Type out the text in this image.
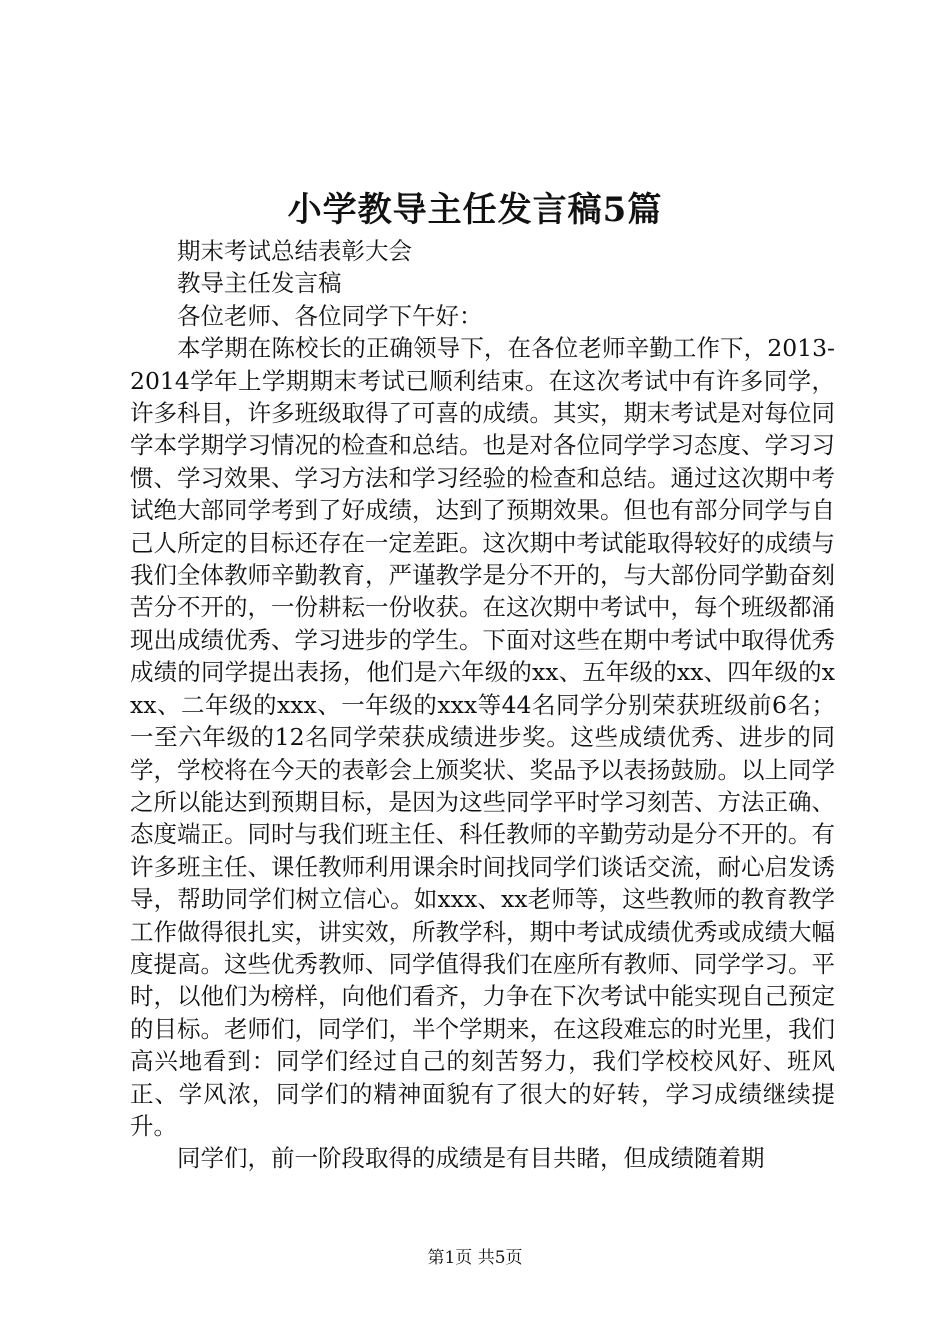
小学教导主任发言稿5篇

期末考试总结表彰大会

教导主任发言稿

各位老师、各位同学下午好：

本学期在陈校长的正确领导下，在各位老师辛勤工作下，2013-2014学年上学期期末考试已顺利结束。在这次考试中有许多同学，许多科目，许多班级取得了可喜的成绩。其实，期末考试是对每位同学本学期学习情况的检查和总结。也是对各位同学学习态度、学习习惯、学习效果、学习方法和学习经验的检查和总结。通过这次期中考试绝大部同学考到了好成绩，达到了预期效果。但也有部分同学与自己人所定的目标还存在一定差距。这次期中考试能取得较好的成绩与我们全体教师辛勤教育，严谨教学是分不开的，与大部份同学勤奋刻苦分不开的，一份耕耘一份收获。在这次期中考试中，每个班级都涌现出成绩优秀、学习进步的学生。下面对这些在期中考试中取得优秀成绩的同学提出表扬，他们是六年级的xx、五年级的xx、四年级的xxx、二年级的xxx、一年级的xxx等44名同学分别荣获班级前6名；一至六年级的12名同学荣获成绩进步奖。这些成绩优秀、进步的同学，学校将在今天的表彰会上颁奖状、奖品予以表扬鼓励。以上同学之所以能达到预期目标，是因为这些同学平时学习刻苦、方法正确、态度端正。同时与我们班主任、科任教师的辛勤劳动是分不开的。有许多班主任、课任教师利用课余时间找同学们谈话交流，耐心启发诱导，帮助同学们树立信心。如xxx、xx老师等，这些教师的教育教学工作做得很扎实，讲实效，所教学科，期中考试成绩优秀或成绩大幅度提高。这些优秀教师、同学值得我们在座所有教师、同学学习。平时，以他们为榜样，向他们看齐，力争在下次考试中能实现自己预定的目标。老师们，同学们，半个学期来，在这段难忘的时光里，我们高兴地看到：同学们经过自己的刻苦努力，我们学校校风好、班风正、学风浓，同学们的精神面貌有了很大的好转，学习成绩继续提升。

同学们，前一阶段取得的成绩是有目共睹，但成绩随着期

第1页 共5页
